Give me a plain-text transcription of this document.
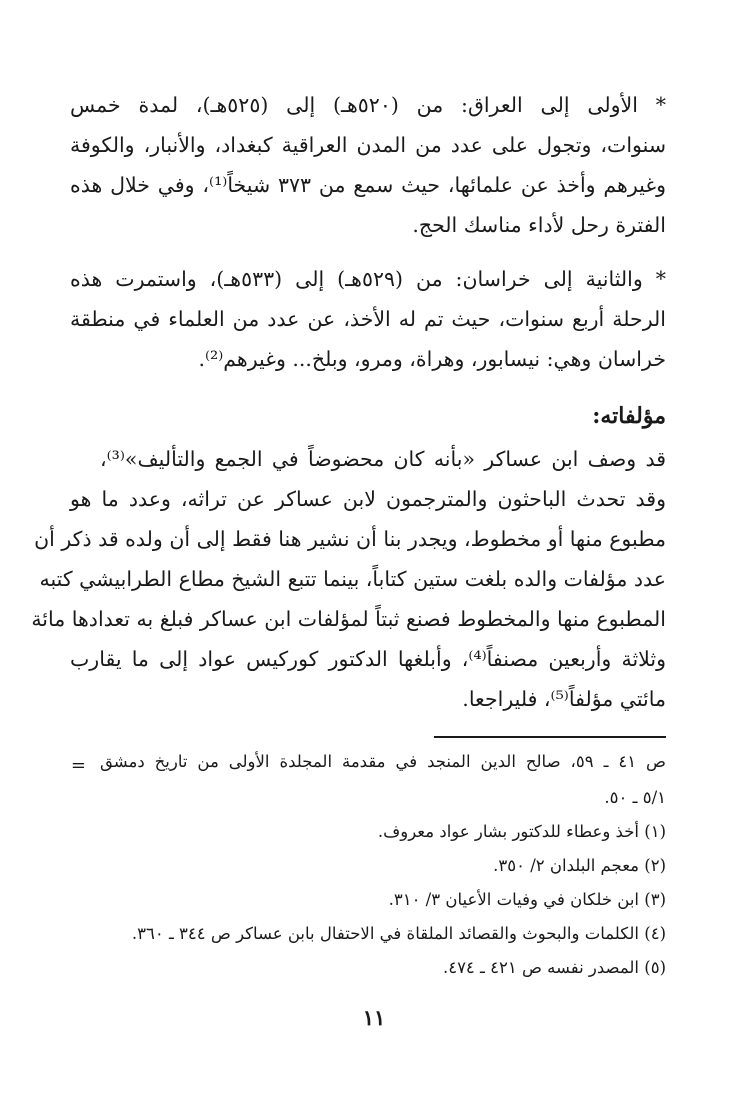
* الأولى إلى العراق: من (٥٢٠هـ) إلى (٥٢٥هـ)، لمدة خمس
سنوات، وتجول على عدد من المدن العراقية كبغداد، والأنبار، والكوفة
وغيرهم وأخذ عن علمائها، حيث سمع من ٣٧٣ شيخاً⁽¹⁾، وفي خلال هذه
الفترة رحل لأداء مناسك الحج.
* والثانية إلى خراسان: من (٥٢٩هـ) إلى (٥٣٣هـ)، واستمرت هذه
الرحلة أربع سنوات، حيث تم له الأخذ، عن عدد من العلماء في منطقة
خراسان وهي: نيسابور، وهراة، ومرو، وبلخ... وغيرهم⁽²⁾.
مؤلفاته:
قد وصف ابن عساكر «بأنه كان محضوضاً في الجمع والتأليف»⁽³⁾،
وقد تحدث الباحثون والمترجمون لابن عساكر عن تراثه، وعدد ما هو
مطبوع منها أو مخطوط، ويجدر بنا أن نشير هنا فقط إلى أن ولده قد ذكر أن
عدد مؤلفات والده بلغت ستين كتاباً، بينما تتبع الشيخ مطاع الطرابيشي كتبه
المطبوع منها والمخطوط فصنع ثبتاً لمؤلفات ابن عساكر فبلغ به تعدادها مائة
وثلاثة وأربعين مصنفاً⁽⁴⁾، وأبلغها الدكتور كوركيس عواد إلى ما يقارب
مائتي مؤلفاً⁽⁵⁾، فليراجعا.
= ص ٤١ ـ ٥٩، صالح الدين المنجد في مقدمة المجلدة الأولى من تاريخ دمشق
٥/١ ـ ٥٠.
(١) أخذ وعطاء للدكتور بشار عواد معروف.
(٢) معجم البلدان ٢/ ٣٥٠.
(٣) ابن خلكان في وفيات الأعيان ٣/ ٣١٠.
(٤) الكلمات والبحوث والقصائد الملقاة في الاحتفال بابن عساكر ص ٣٤٤ ـ ٣٦٠.
(٥) المصدر نفسه ص ٤٢١ ـ ٤٧٤.
١١
